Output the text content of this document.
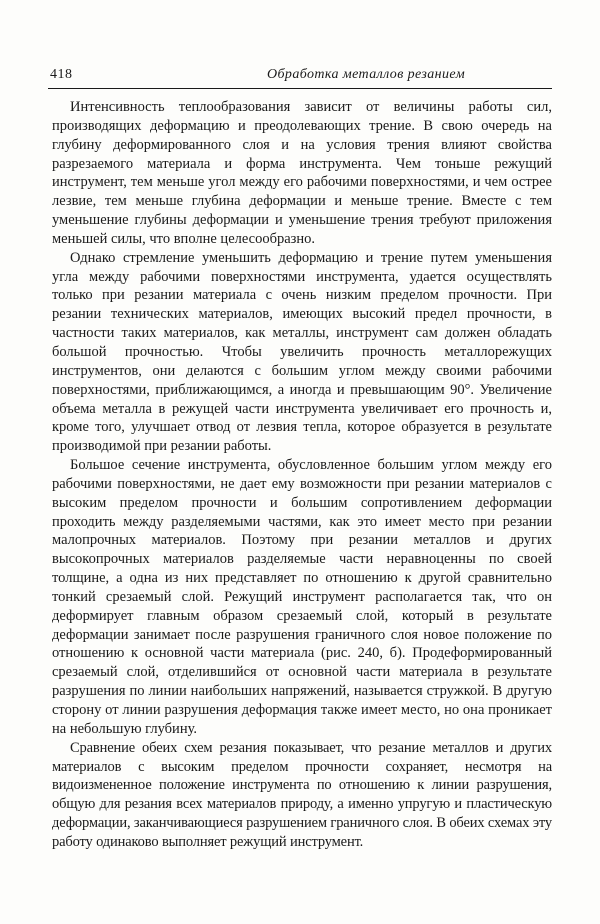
418	Обработка металлов резанием

Интенсивность теплообразования зависит от величины работы сил, производящих деформацию и преодолевающих трение. В свою очередь на глубину деформированного слоя и на условия трения влияют свойства разрезаемого материала и форма инструмента. Чем тоньше режущий инструмент, тем меньше угол между его рабочими поверхностями, и чем острее лезвие, тем меньше глубина деформации и меньше трение. Вместе с тем уменьшение глубины деформации и уменьшение трения требуют приложения меньшей силы, что вполне целесообразно.

Однако стремление уменьшить деформацию и трение путем уменьшения угла между рабочими поверхностями инструмента, удается осуществлять только при резании материала с очень низким пределом прочности. При резании технических материалов, имеющих высокий предел прочности, в частности таких материалов, как металлы, инструмент сам должен обладать большой прочностью. Чтобы увеличить прочность металлорежущих инструментов, они делаются с большим углом между своими рабочими поверхностями, приближающимся, а иногда и превышающим 90°. Увеличение объема металла в режущей части инструмента увеличивает его прочность и, кроме того, улучшает отвод от лезвия тепла, которое образуется в результате производимой при резании работы.

Большое сечение инструмента, обусловленное большим углом между его рабочими поверхностями, не дает ему возможности при резании материалов с высоким пределом прочности и большим сопротивлением деформации проходить между разделяемыми частями, как это имеет место при резании малопрочных материалов. Поэтому при резании металлов и других высокопрочных материалов разделяемые части неравноценны по своей толщине, а одна из них представляет по отношению к другой сравнительно тонкий срезаемый слой. Режущий инструмент располагается так, что он деформирует главным образом срезаемый слой, который в результате деформации занимает после разрушения граничного слоя новое положение по отношению к основной части материала (рис. 240, б). Продеформированный срезаемый слой, отделившийся от основной части материала в результате разрушения по линии наибольших напряжений, называется стружкой. В другую сторону от линии разрушения деформация также имеет место, но она проникает на небольшую глубину.

Сравнение обеих схем резания показывает, что резание металлов и других материалов с высоким пределом прочности сохраняет, несмотря на видоизмененное положение инструмента по отношению к линии разрушения, общую для резания всех материалов природу, а именно упругую и пластическую деформации, заканчивающиеся разрушением граничного слоя. В обеих схемах эту работу одинаково выполняет режущий инструмент.
